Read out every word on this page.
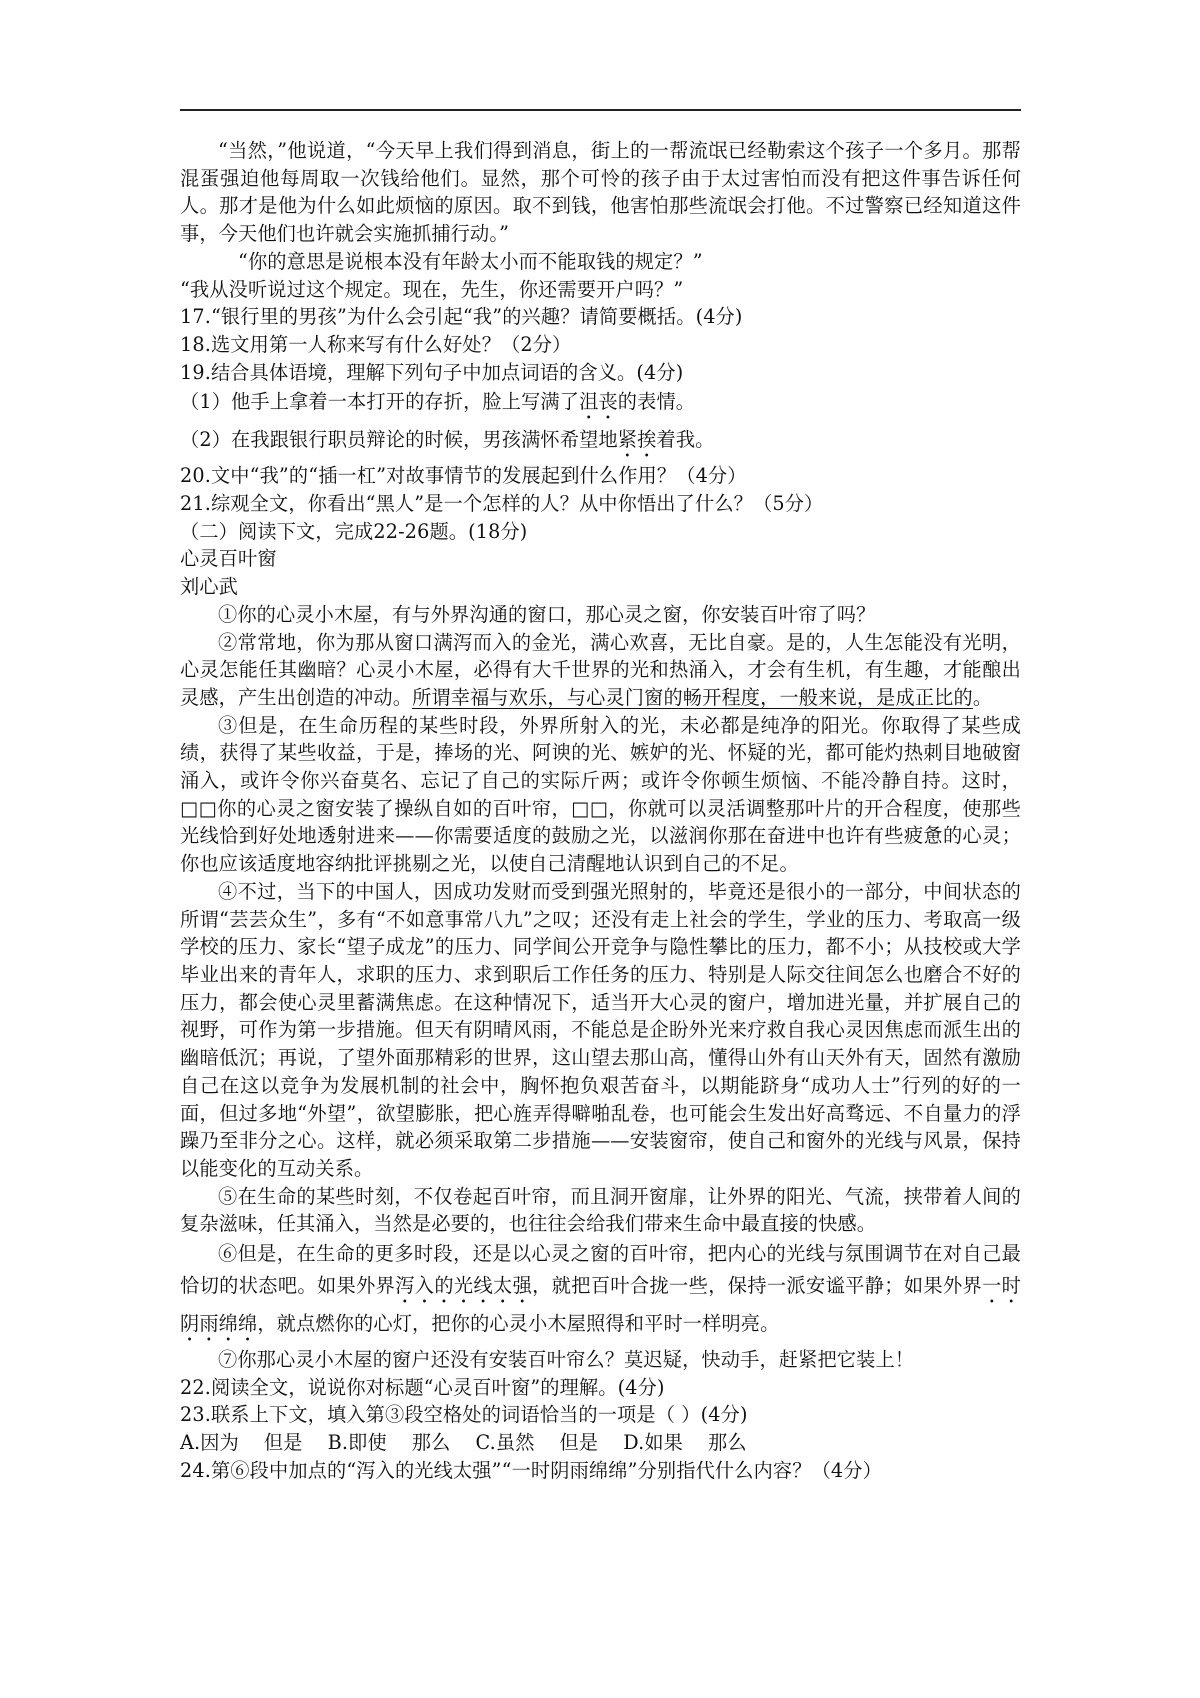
“当然，”他说道，“今天早上我们得到消息，街上的一帮流氓已经勒索这个孩子一个多月。那帮混蛋强迫他每周取一次钱给他们。显然，那个可怜的孩子由于太过害怕而没有把这件事告诉任何人。那才是他为什么如此烦恼的原因。取不到钱，他害怕那些流氓会打他。不过警察已经知道这件事，今天他们也许就会实施抓捕行动。”

“你的意思是说根本没有年龄太小而不能取钱的规定？”

“我从没听说过这个规定。现在，先生，你还需要开户吗？”

17.“银行里的男孩”为什么会引起“我”的兴趣？请简要概括。(4分)

18.选文用第一人称来写有什么好处？（2分）

19.结合具体语境，理解下列句子中加点词语的含义。(4分)

（1）他手上拿着一本打开的存折，脸上写满了沮丧的表情。

（2）在我跟银行职员辩论的时候，男孩满怀希望地紧挨着我。

20.文中“我”的“插一杠”对故事情节的发展起到什么作用？（4分）

21.综观全文，你看出“黑人”是一个怎样的人？从中你悟出了什么？（5分）

（二）阅读下文，完成22-26题。(18分)

心灵百叶窗

刘心武

①你的心灵小木屋，有与外界沟通的窗口，那心灵之窗，你安装百叶帘了吗？

②常常地，你为那从窗口满泻而入的金光，满心欢喜，无比自豪。是的，人生怎能没有光明，心灵怎能任其幽暗？心灵小木屋，必得有大千世界的光和热涌入，才会有生机，有生趣，才能酿出灵感，产生出创造的冲动。所谓幸福与欢乐，与心灵门窗的畅开程度，一般来说，是成正比的。

③但是，在生命历程的某些时段，外界所射入的光，未必都是纯净的阳光。你取得了某些成绩，获得了某些收益，于是，捧场的光、阿谀的光、嫉妒的光、怀疑的光，都可能灼热刺目地破窗涌入，或许令你兴奋莫名、忘记了自己的实际斤两；或许令你顿生烦恼、不能冷静自持。这时，□□你的心灵之窗安装了操纵自如的百叶帘，□□，你就可以灵活调整那叶片的开合程度，使那些光线恰到好处地透射进来——你需要适度的鼓励之光，以滋润你那在奋进中也许有些疲惫的心灵；你也应该适度地容纳批评挑剔之光，以使自己清醒地认识到自己的不足。

④不过，当下的中国人，因成功发财而受到强光照射的，毕竟还是很小的一部分，中间状态的所谓“芸芸众生”，多有“不如意事常八九”之叹；还没有走上社会的学生，学业的压力、考取高一级学校的压力、家长“望子成龙”的压力、同学间公开竞争与隐性攀比的压力，都不小；从技校或大学毕业出来的青年人，求职的压力、求到职后工作任务的压力、特别是人际交往间怎么也磨合不好的压力，都会使心灵里蓄满焦虑。在这种情况下，适当开大心灵的窗户，增加进光量，并扩展自己的视野，可作为第一步措施。但天有阴晴风雨，不能总是企盼外光来疗救自我心灵因焦虑而派生出的幽暗低沉；再说，了望外面那精彩的世界，这山望去那山高，懂得山外有山天外有天，固然有激励自己在这以竞争为发展机制的社会中，胸怀抱负艰苦奋斗，以期能跻身“成功人士”行列的好的一面，但过多地“外望”，欲望膨胀，把心旌弄得噼啪乱卷，也可能会生发出好高骛远、不自量力的浮躁乃至非分之心。这样，就必须采取第二步措施——安装窗帘，使自己和窗外的光线与风景，保持以能变化的互动关系。

⑤在生命的某些时刻，不仅卷起百叶帘，而且洞开窗扉，让外界的阳光、气流，挟带着人间的复杂滋味，任其涌入，当然是必要的，也往往会给我们带来生命中最直接的快感。

⑥但是，在生命的更多时段，还是以心灵之窗的百叶帘，把内心的光线与氛围调节在对自己最恰切的状态吧。如果外界泻入的光线太强，就把百叶合拢一些，保持一派安谧平静；如果外界一时阴雨绵绵，就点燃你的心灯，把你的心灵小木屋照得和平时一样明亮。

⑦你那心灵小木屋的窗户还没有安装百叶帘么？莫迟疑，快动手，赶紧把它装上！

22.阅读全文，说说你对标题“心灵百叶窗”的理解。(4分)

23.联系上下文，填入第③段空格处的词语恰当的一项是（ ）(4分)

A.因为    但是 B.即使    那么 C.虽然    但是 D.如果    那么

24.第⑥段中加点的“泻入的光线太强”“一时阴雨绵绵”分别指代什么内容？（4分）
